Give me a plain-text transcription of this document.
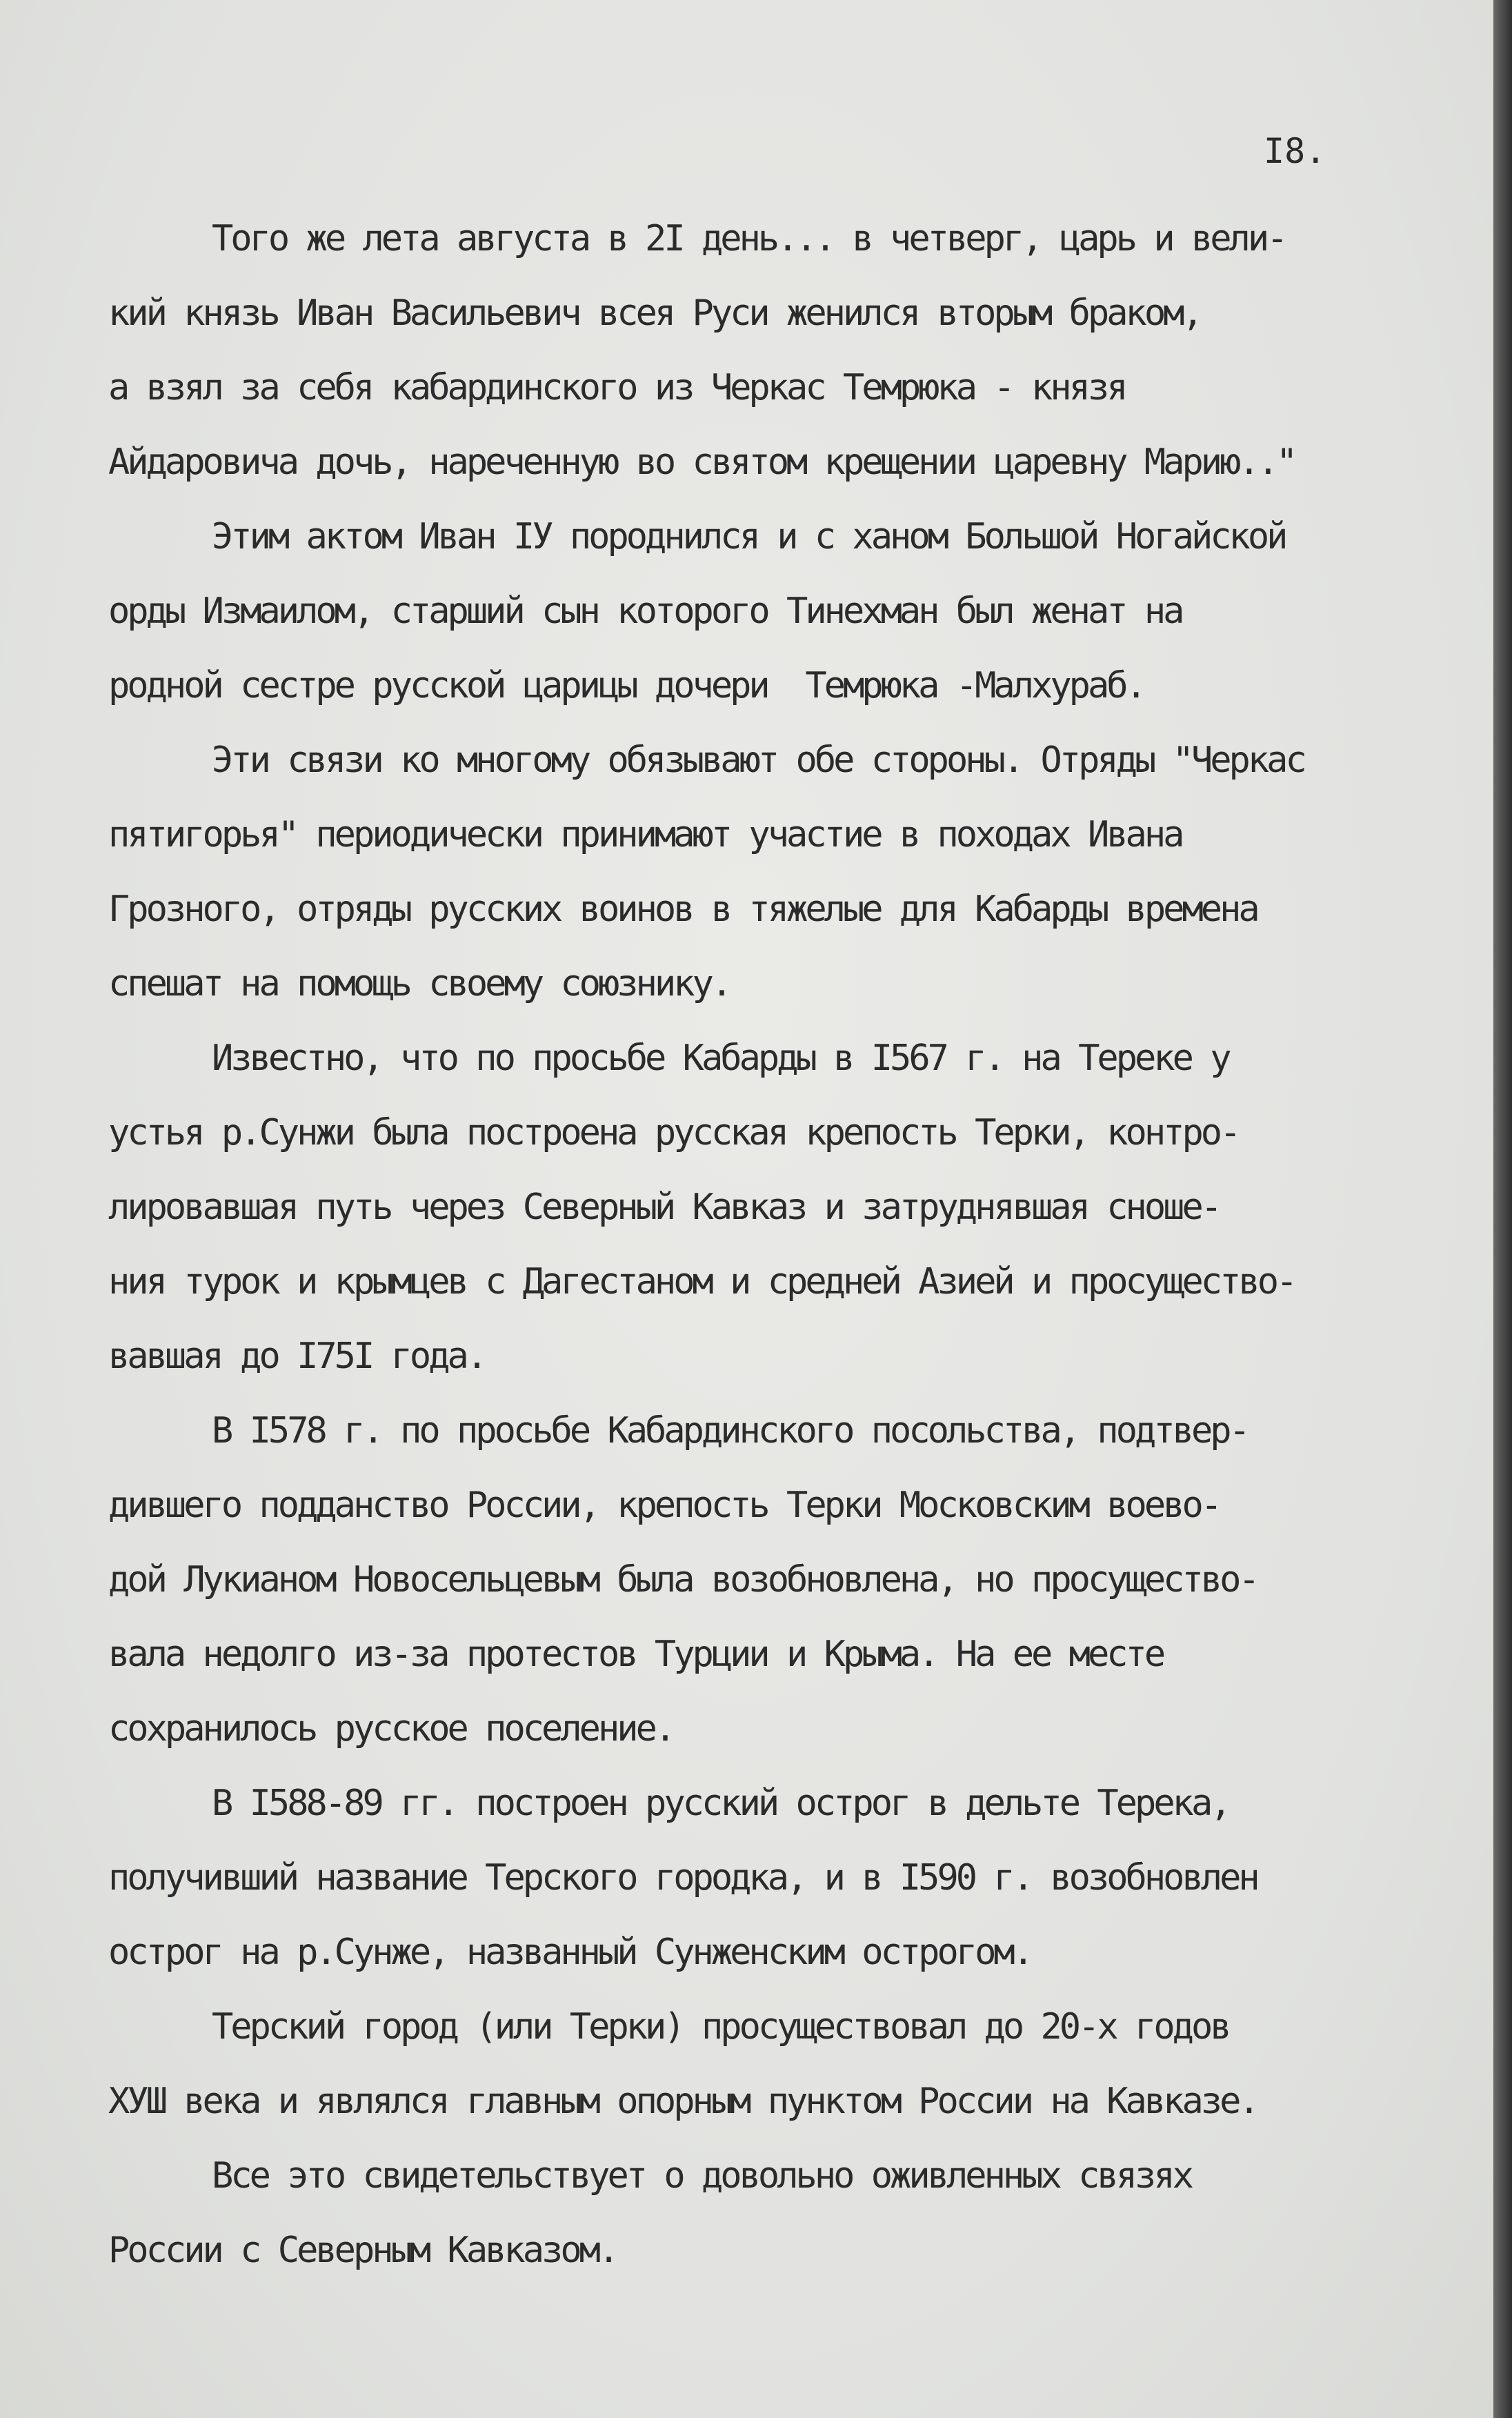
I8.
Того же лета августа в 2I день... в четверг, царь и вели-
кий князь Иван Васильевич всея Руси женился вторым браком,
а взял за себя кабардинского из Черкас Темрюка - князя
Айдаровича дочь, нареченную во святом крещении царевну Марию.."
Этим актом Иван IУ породнился и с ханом Большой Ногайской
орды Измаилом, старший сын которого Тинехман был женат на
родной сестре русской царицы дочери  Темрюка -Малхураб.
Эти связи ко многому обязывают обе стороны. Отряды "Черкас
пятигорья" периодически принимают участие в походах Ивана
Грозного, отряды русских воинов в тяжелые для Кабарды времена
спешат на помощь своему союзнику.
Известно, что по просьбе Кабарды в I567 г. на Тереке у
устья р.Сунжи была построена русская крепость Терки, контро-
лировавшая путь через Северный Кавказ и затруднявшая сноше-
ния турок и крымцев с Дагестаном и средней Азией и просущество-
вавшая до I75I года.
В I578 г. по просьбе Кабардинского посольства, подтвер-
дившего подданство России, крепость Терки Московским воево-
дой Лукианом Новосельцевым была возобновлена, но просущество-
вала недолго из-за протестов Турции и Крыма. На ее месте
сохранилось русское поселение.
В I588-89 гг. построен русский острог в дельте Терека,
получивший название Терского городка, и в I590 г. возобновлен
острог на р.Сунже, названный Сунженским острогом.
Терский город (или Терки) просуществовал до 20-х годов
ХУШ века и являлся главным опорным пунктом России на Кавказе.
Все это свидетельствует о довольно оживленных связях
России с Северным Кавказом.
